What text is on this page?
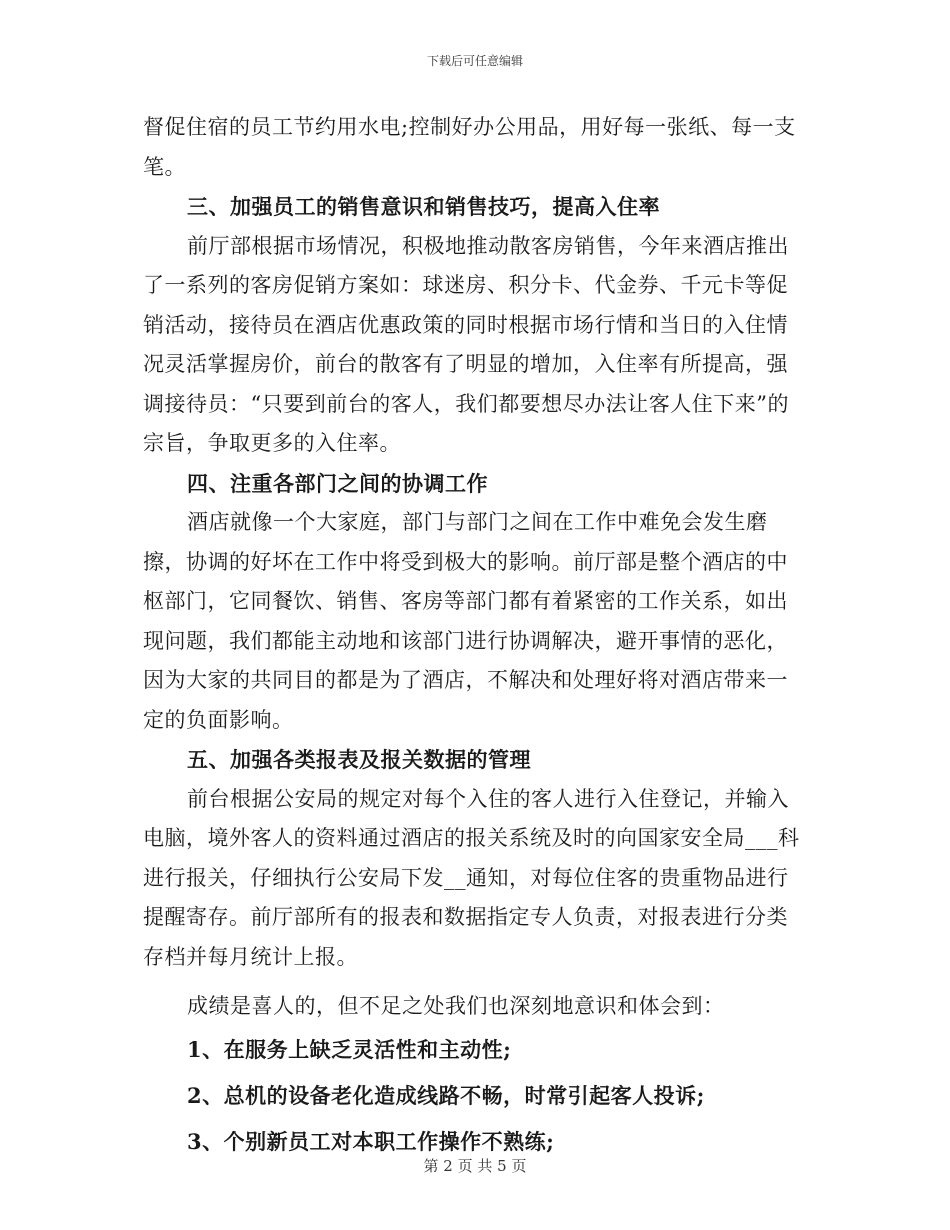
下载后可任意编辑

督促住宿的员工节约用水电;控制好办公用品，用好每一张纸、每一支笔。

三、加强员工的销售意识和销售技巧，提高入住率

前厅部根据市场情况，积极地推动散客房销售，今年来酒店推出了一系列的客房促销方案如：球迷房、积分卡、代金券、千元卡等促销活动，接待员在酒店优惠政策的同时根据市场行情和当日的入住情况灵活掌握房价，前台的散客有了明显的增加，入住率有所提高，强调接待员：“只要到前台的客人，我们都要想尽办法让客人住下来”的宗旨，争取更多的入住率。

四、注重各部门之间的协调工作

酒店就像一个大家庭，部门与部门之间在工作中难免会发生磨擦，协调的好坏在工作中将受到极大的影响。前厅部是整个酒店的中枢部门，它同餐饮、销售、客房等部门都有着紧密的工作关系，如出现问题，我们都能主动地和该部门进行协调解决，避开事情的恶化，因为大家的共同目的都是为了酒店，不解决和处理好将对酒店带来一定的负面影响。

五、加强各类报表及报关数据的管理

前台根据公安局的规定对每个入住的客人进行入住登记，并输入电脑，境外客人的资料通过酒店的报关系统及时的向国家安全局___科进行报关，仔细执行公安局下发__通知，对每位住客的贵重物品进行提醒寄存。前厅部所有的报表和数据指定专人负责，对报表进行分类存档并每月统计上报。

成绩是喜人的，但不足之处我们也深刻地意识和体会到：

1、在服务上缺乏灵活性和主动性;

2、总机的设备老化造成线路不畅，时常引起客人投诉;

3、个别新员工对本职工作操作不熟练;

第 2 页 共 5 页
